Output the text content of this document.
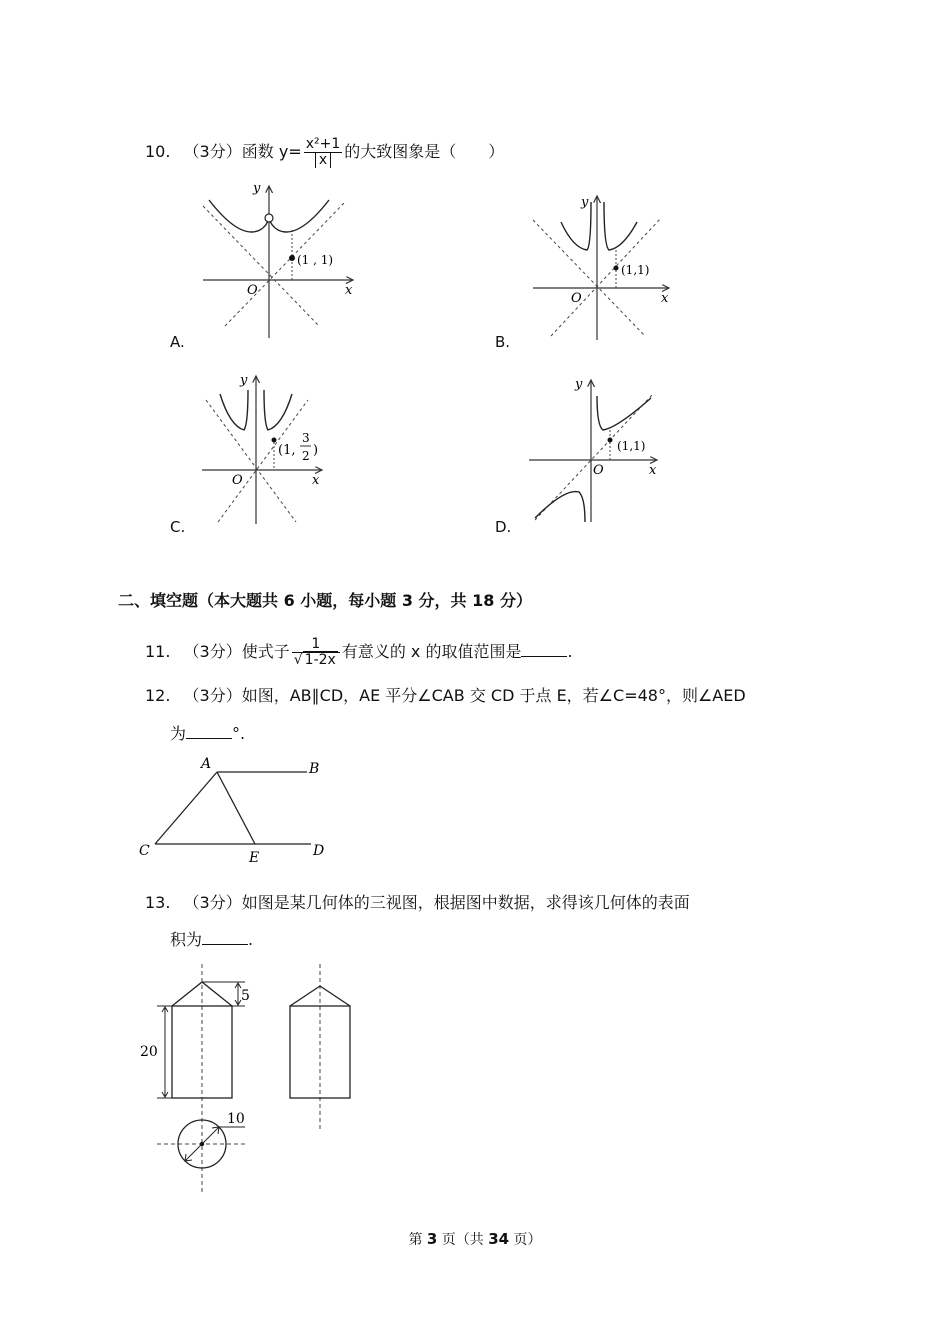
10. （3分）函数 $y= \frac{\text{x²+1}}{x}$ 的大致图象是（　　）
(1 , 1)
O	x
y
A.
(1,1)
O	x
y
B.
(1,
3
2 )
O	x
y
C.
(1,1)
O	x
y
D.
二、填空题（本大题共 6 小题，每小题 3 分，共 18 分）
11. （3分）使式子 $\frac{1}{√ 1-2x}$ 有意义的 x 的取值范围是	.
12. （3分）如图，AB∥CD，AE 平分∠CAB 交 CD 于点 E，若∠C=48°，则∠AED
为	°.
A	B
C	E	D
13. （3分）如图是某几何体的三视图，根据图中数据，求得该几何体的表面
积为	.
5
20
10
第 3 页（共 34 页）
